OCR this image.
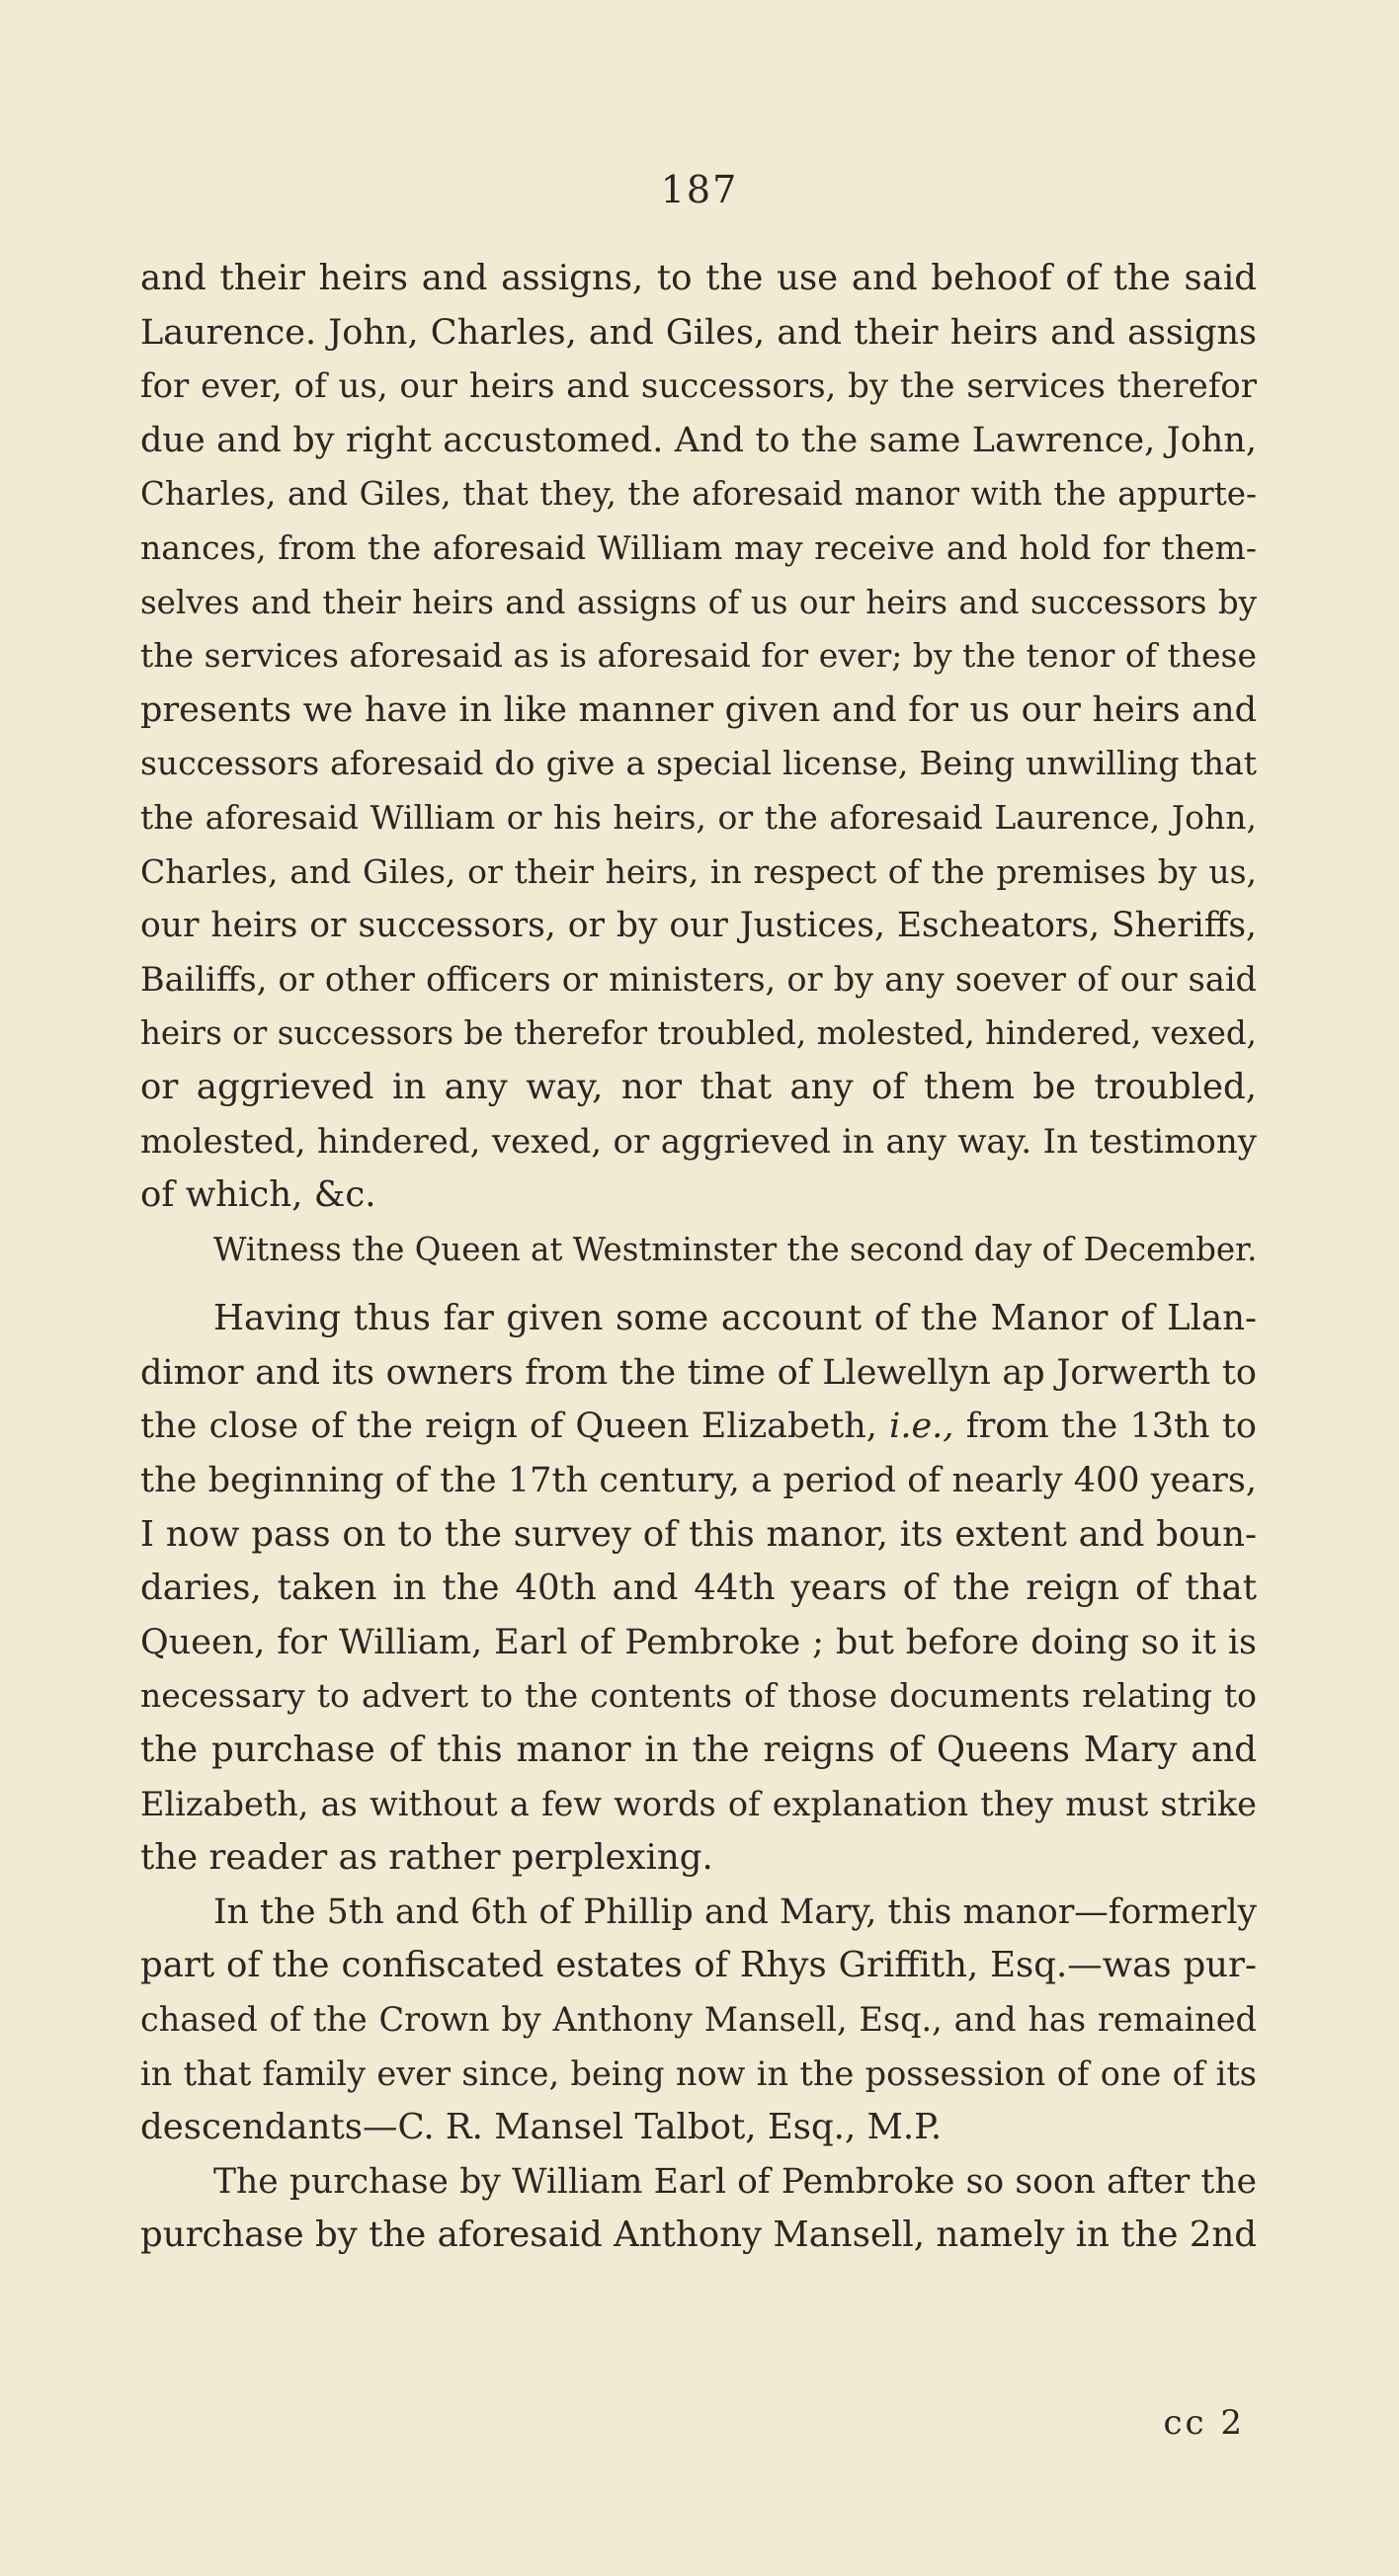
187

and their heirs and assigns, to the use and behoof of the said
Laurence. John, Charles, and Giles, and their heirs and assigns
for ever, of us, our heirs and successors, by the services therefor
due and by right accustomed. And to the same Lawrence, John,
Charles, and Giles, that they, the aforesaid manor with the appurte-
nances, from the aforesaid William may receive and hold for them-
selves and their heirs and assigns of us our heirs and successors by
the services aforesaid as is aforesaid for ever; by the tenor of these
presents we have in like manner given and for us our heirs and
successors aforesaid do give a special license, Being unwilling that
the aforesaid William or his heirs, or the aforesaid Laurence, John,
Charles, and Giles, or their heirs, in respect of the premises by us,
our heirs or successors, or by our Justices, Escheators, Sheriffs,
Bailiffs, or other officers or ministers, or by any soever of our said
heirs or successors be therefor troubled, molested, hindered, vexed,
or aggrieved in any way, nor that any of them be troubled,
molested, hindered, vexed, or aggrieved in any way. In testimony
of which, &c.

Witness the Queen at Westminster the second day of December.

Having thus far given some account of the Manor of Llan-
dimor and its owners from the time of Llewellyn ap Jorwerth to
the close of the reign of Queen Elizabeth, i.e., from the 13th to
the beginning of the 17th century, a period of nearly 400 years,
I now pass on to the survey of this manor, its extent and boun-
daries, taken in the 40th and 44th years of the reign of that
Queen, for William, Earl of Pembroke ; but before doing so it is
necessary to advert to the contents of those documents relating to
the purchase of this manor in the reigns of Queens Mary and
Elizabeth, as without a few words of explanation they must strike
the reader as rather perplexing.

In the 5th and 6th of Phillip and Mary, this manor—formerly
part of the confiscated estates of Rhys Griffith, Esq.—was pur-
chased of the Crown by Anthony Mansell, Esq., and has remained
in that family ever since, being now in the possession of one of its
descendants—C. R. Mansel Talbot, Esq., M.P.

The purchase by William Earl of Pembroke so soon after the
purchase by the aforesaid Anthony Mansell, namely in the 2nd

cc 2
